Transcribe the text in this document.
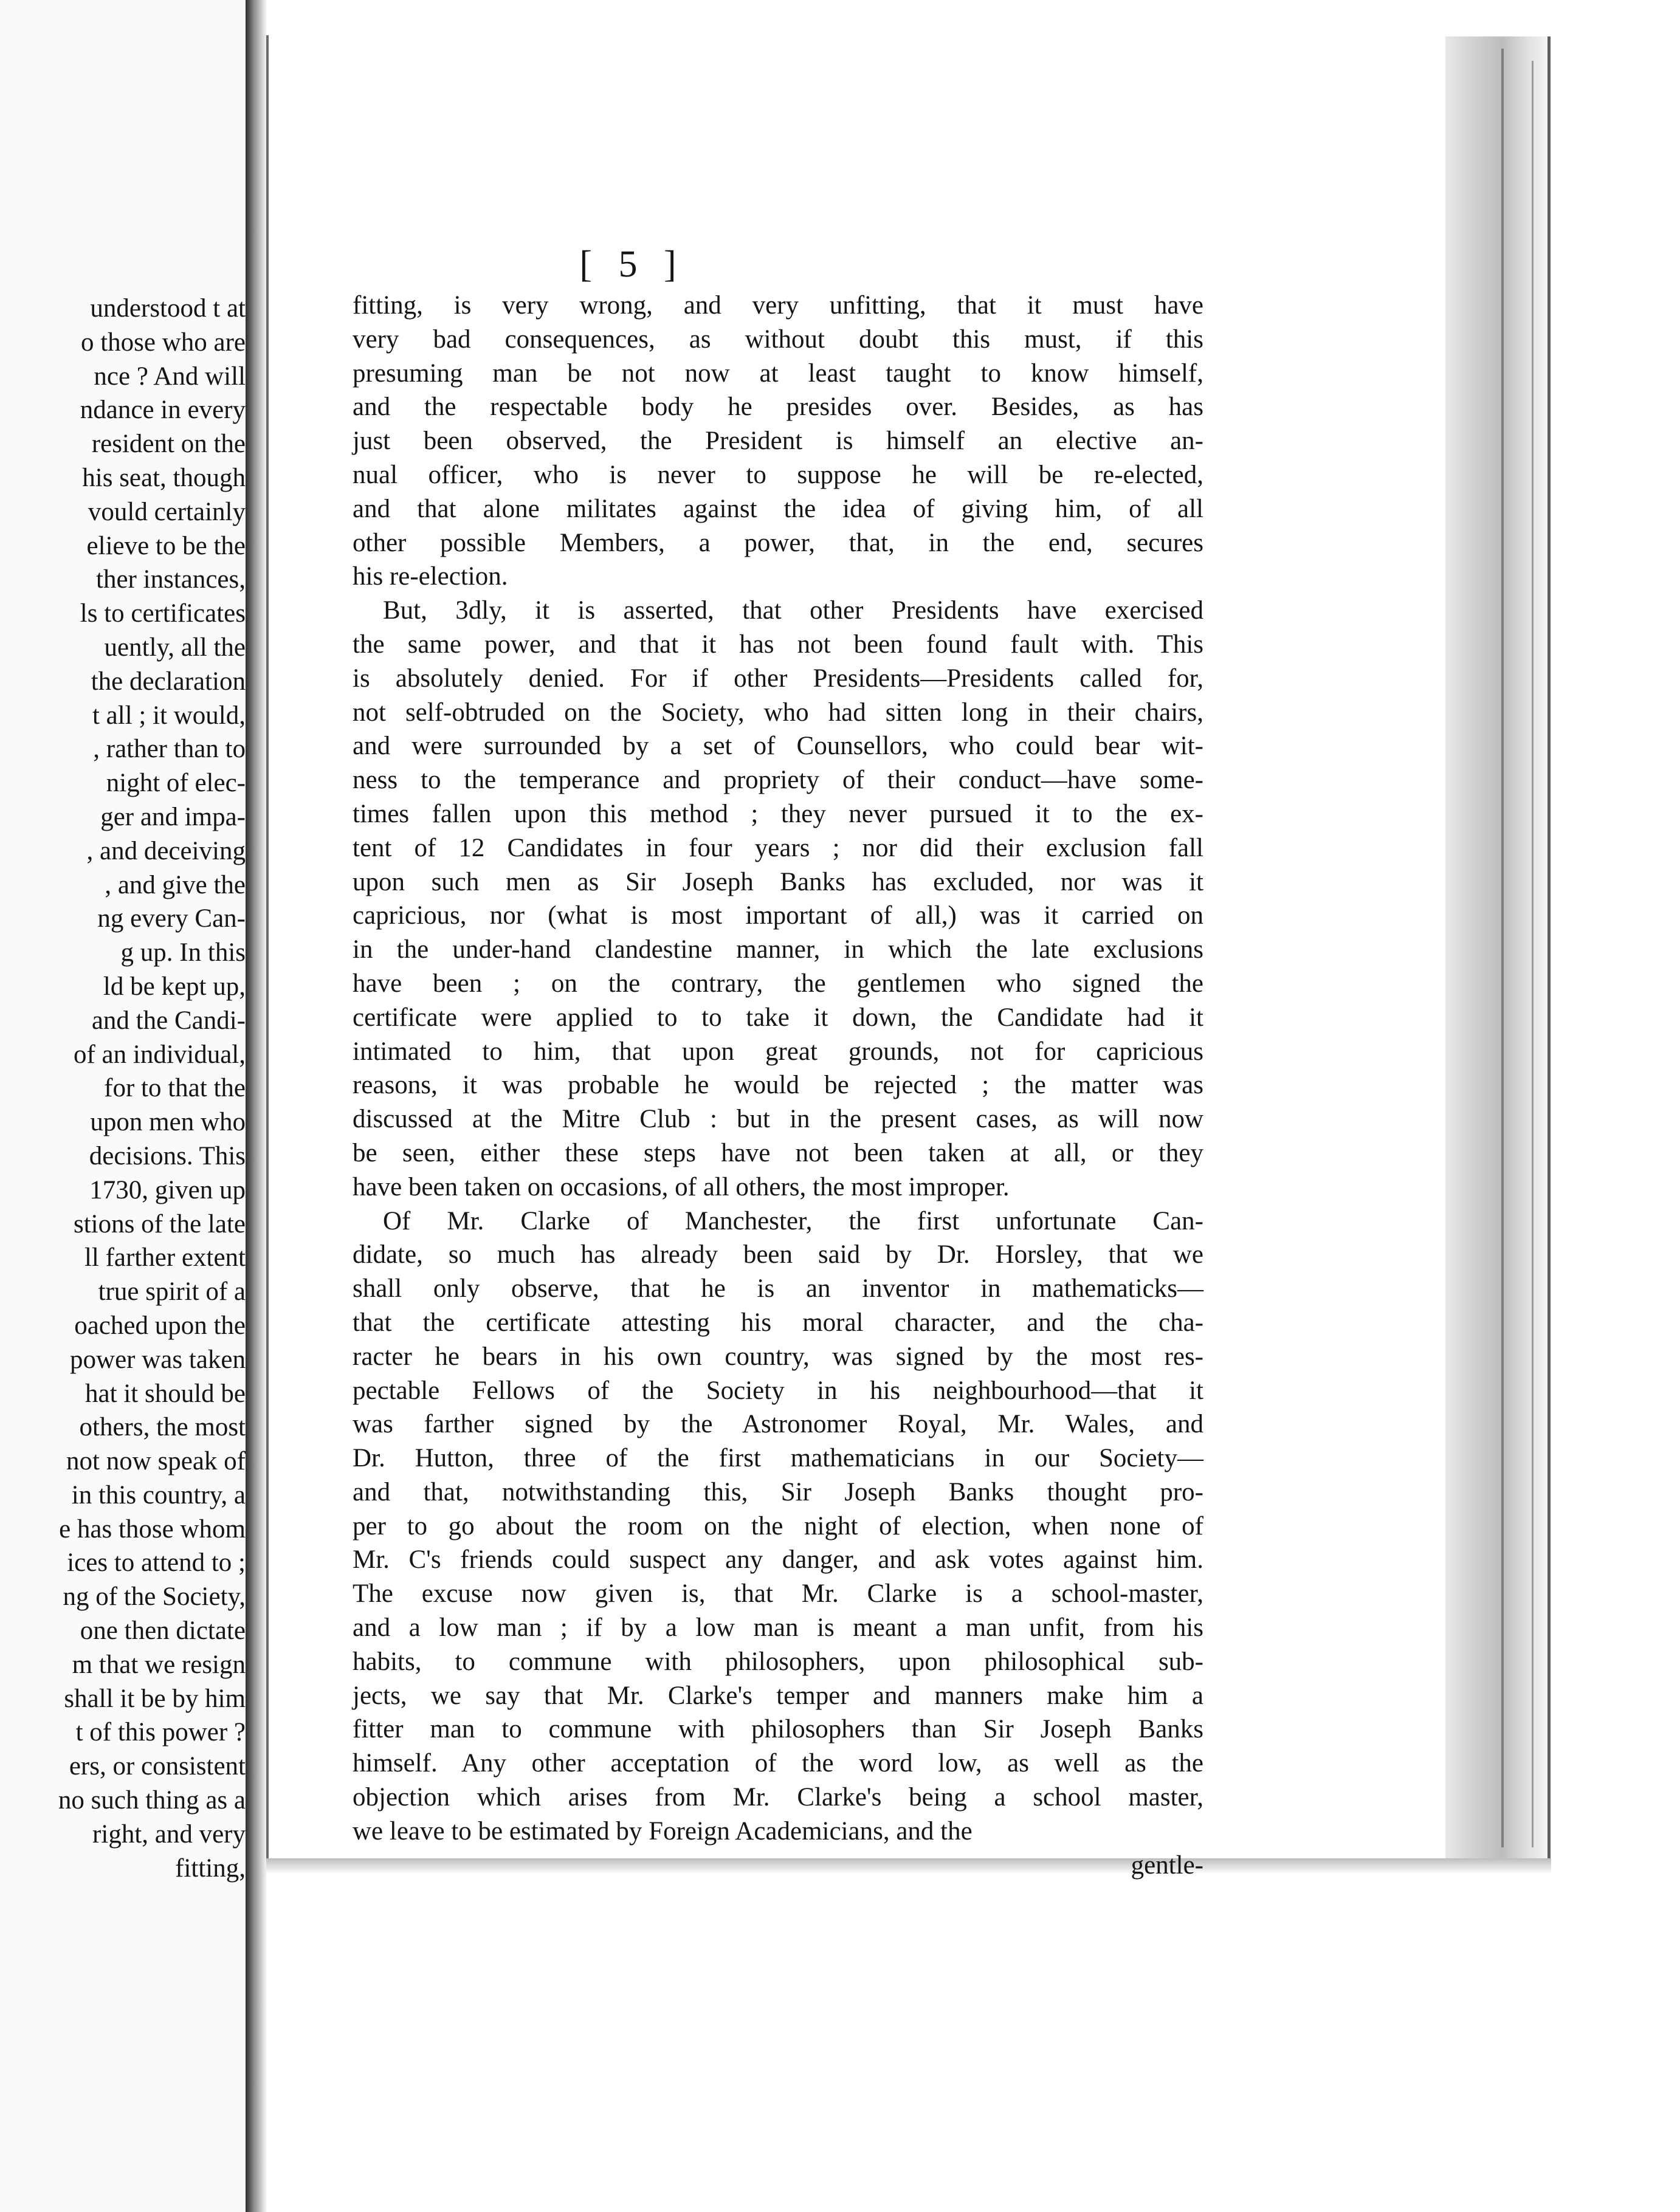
understood t at
o those who are
nce ? And will
ndance in every
resident on the
his seat, though
vould certainly
elieve to be the
ther instances,
ls to certificates
uently, all the
the declaration
t all ; it would,
, rather than to
night of elec-
ger and impa-
, and deceiving
, and give the
ng every Can-
g up. In this
ld be kept up,
and the Candi-
of an individual,
for to that the
upon men who
decisions. This
1730, given up
stions of the late
ll farther extent
true spirit of a
oached upon the
power was taken
hat it should be
others, the most
not now speak of
in this country, a
e has those whom
ices to attend to ;
ng of the Society,
one then dictate
m that we resign
shall it be by him
t of this power ?
ers, or consistent
no such thing as a
right, and very
fitting,
[ 5 ]
fitting, is very wrong, and very unfitting, that it must have
very bad consequences, as without doubt this must, if this
presuming man be not now at least taught to know himself,
and the respectable body he presides over. Besides, as has
just been observed, the President is himself an elective an-
nual officer, who is never to suppose he will be re-elected,
and that alone militates against the idea of giving him, of all
other possible Members, a power, that, in the end, secures
his re-election.
But, 3dly, it is asserted, that other Presidents have exercised
the same power, and that it has not been found fault with. This
is absolutely denied. For if other Presidents—Presidents called for,
not self-obtruded on the Society, who had sitten long in their chairs,
and were surrounded by a set of Counsellors, who could bear wit-
ness to the temperance and propriety of their conduct—have some-
times fallen upon this method ; they never pursued it to the ex-
tent of 12 Candidates in four years ; nor did their exclusion fall
upon such men as Sir Joseph Banks has excluded, nor was it
capricious, nor (what is most important of all,) was it carried on
in the under-hand clandestine manner, in which the late exclusions
have been ; on the contrary, the gentlemen who signed the
certificate were applied to to take it down, the Candidate had it
intimated to him, that upon great grounds, not for capricious
reasons, it was probable he would be rejected ; the matter was
discussed at the Mitre Club : but in the present cases, as will now
be seen, either these steps have not been taken at all, or they
have been taken on occasions, of all others, the most improper.
Of Mr. Clarke of Manchester, the first unfortunate Can-
didate, so much has already been said by Dr. Horsley, that we
shall only observe, that he is an inventor in mathematicks—
that the certificate attesting his moral character, and the cha-
racter he bears in his own country, was signed by the most res-
pectable Fellows of the Society in his neighbourhood—that it
was farther signed by the Astronomer Royal, Mr. Wales, and
Dr. Hutton, three of the first mathematicians in our Society—
and that, notwithstanding this, Sir Joseph Banks thought pro-
per to go about the room on the night of election, when none of
Mr. C's friends could suspect any danger, and ask votes against him.
The excuse now given is, that Mr. Clarke is a school-master,
and a low man ; if by a low man is meant a man unfit, from his
habits, to commune with philosophers, upon philosophical sub-
jects, we say that Mr. Clarke's temper and manners make him a
fitter man to commune with philosophers than Sir Joseph Banks
himself. Any other acceptation of the word low, as well as the
objection which arises from Mr. Clarke's being a school master,
we leave to be estimated by Foreign Academicians, and the
gentle-
